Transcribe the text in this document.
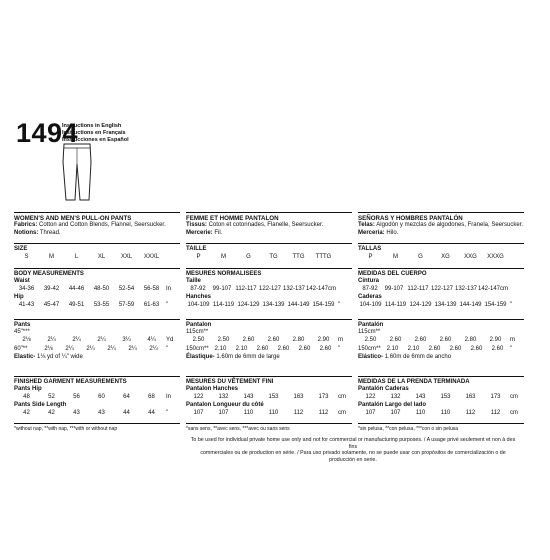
1494
Instructions in English
Instructions en Français
Instrucciones en Español
WOMEN'S AND MEN'S PULL-ON PANTS
Fabrics: Cotton and Cotton Blends, Flannel, Seersucker.
Notions: Thread.
SIZE
S	M	L	XL	XXL	XXXL
BODY MEASUREMENTS
Waist
34-36	39-42	44-46	48-50	52-54	56-58	In
Hip
41-43	45-47	49-51	53-55	57-59	61-63	"
Pants
45"***
2⅛	2¼	2¼	2¼	3¼	4¼	Yd
60"**	2⅛	2¼	2¼	2¼	2¼	2¼	"
Elastic- 1⅛ yd of ¼" wide
FINISHED GARMENT MEASUREMENTS
Pants Hip
48	52	56	60	64	68	In
Pants Side Length
42	42	43	43	44	44	"
*without nap, **with nap, ***with or without nap
FEMME ET HOMME PANTALON
Tissus: Coton et cotonnades, Flanelle, Seersucker.
Mercerie: Fil.
TAILLE
P	M	G	TG	TTG	TTTG
MESURES NORMALISEES
Taille
87-92	99-107 112-117 122-127 132-137 142-147cm
Hanches
104-109 114-119 124-129 134-139 144-149 154-159 "
Pantalon
115cm**
2.50	2.50	2.60	2.60	2.80	2.90	m
150cm** 2.10	2.10	2.60	2.60	2.60	2.60	"
Élastique- 1.60m de 6mm de large
MESURES DU VÊTEMENT FINI
Pantalon Hanches
122	132	143	153	163	173	cm
Pantalon Longueur du côté
107	107	110	110	112	112	cm
*sans sens, **avec sens, ***avec ou sans sens
SEÑORAS Y HOMBRES PANTALÓN
Telas: Algodón y mezclas de algodones, Franela, Seersucker.
Mercería: Hilo.
TALLAS
P	M	G	XG	XXG	XXXG
MEDIDAS DEL CUERPO
Cintura
87-92	99-107 112-117 122-127 132-137 142-147cm
Caderas
104-109 114-119 124-129 134-139 144-149 154-159 "
Pantalón
115cm**
2.50	2.60	2.60	2.60	2.80	2.90	m
150cm** 2.10	2.10	2.60	2.60	2.60	2.60	"
Elástico- 1.60m de 6mm de ancho
MEDIDAS DE LA PRENDA TERMINADA
Pantalón Caderas
122	132	143	153	163	173	cm
Pantalón Largo del lado
107	107	110	110	112	112	cm
*sin pelusa, **con pelusa, ***con o sin pelusa
To be used for individual private home use only and not for commercial or manufacturing purposes. / A usage privé seulement et non à des fins
commerciales ou de production en série. / Para uso privado solamente, no se puede usar con propósitos de comercialización o de producción en serie.
